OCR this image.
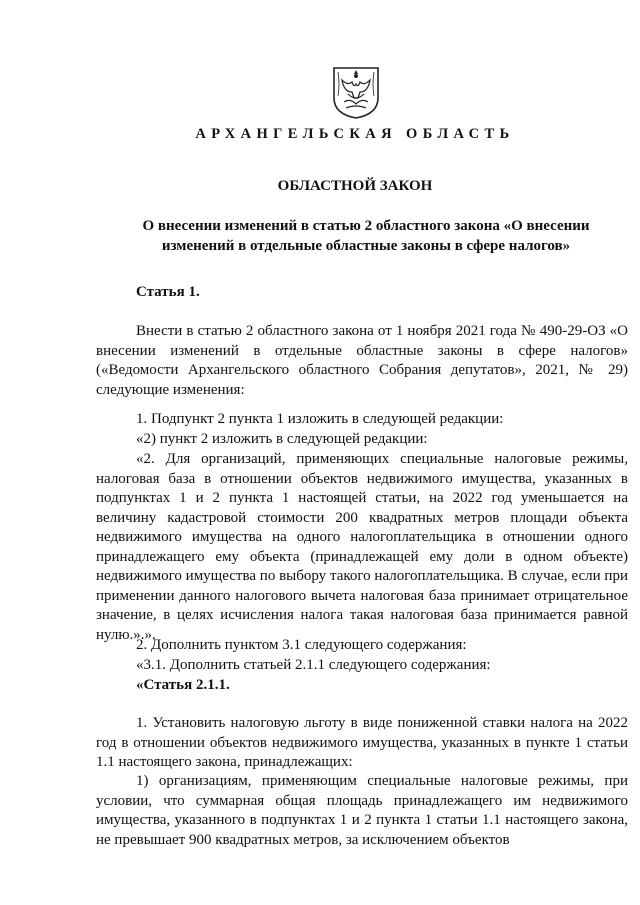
АРХАНГЕЛЬСКАЯ ОБЛАСТЬ
ОБЛАСТНОЙ ЗАКОН
О внесении изменений в статью 2 областного закона «О внесении изменений в отдельные областные законы в сфере налогов»
Статья 1.

Внести в статью 2 областного закона от 1 ноября 2021 года № 490-29-ОЗ «О внесении изменений в отдельные областные законы в сфере налогов» («Ведомости Архангельского областного Собрания депутатов», 2021, № 29) следующие изменения:

1. Подпункт 2 пункта 1 изложить в следующей редакции:

«2) пункт 2 изложить в следующей редакции:

«2. Для организаций, применяющих специальные налоговые режимы, налоговая база в отношении объектов недвижимого имущества, указанных в подпунктах 1 и 2 пункта 1 настоящей статьи, на 2022 год уменьшается на величину кадастровой стоимости 200 квадратных метров площади объекта недвижимого имущества на одного налогоплательщика в отношении одного принадлежащего ему объекта (принадлежащей ему доли в одном объекте) недвижимого имущества по выбору такого налогоплательщика. В случае, если при применении данного налогового вычета налоговая база принимает отрицательное значение, в целях исчисления налога такая налоговая база принимается равной нулю.».».

2. Дополнить пунктом 3.1 следующего содержания:

«3.1. Дополнить статьей 2.1.1 следующего содержания:

«Статья 2.1.1.

1. Установить налоговую льготу в виде пониженной ставки налога на 2022 год в отношении объектов недвижимого имущества, указанных в пункте 1 статьи 1.1 настоящего закона, принадлежащих:

1) организациям, применяющим специальные налоговые режимы, при условии, что суммарная общая площадь принадлежащего им недвижимого имущества, указанного в подпунктах 1 и 2 пункта 1 статьи 1.1 настоящего закона, не превышает 900 квадратных метров, за исключением объектов
